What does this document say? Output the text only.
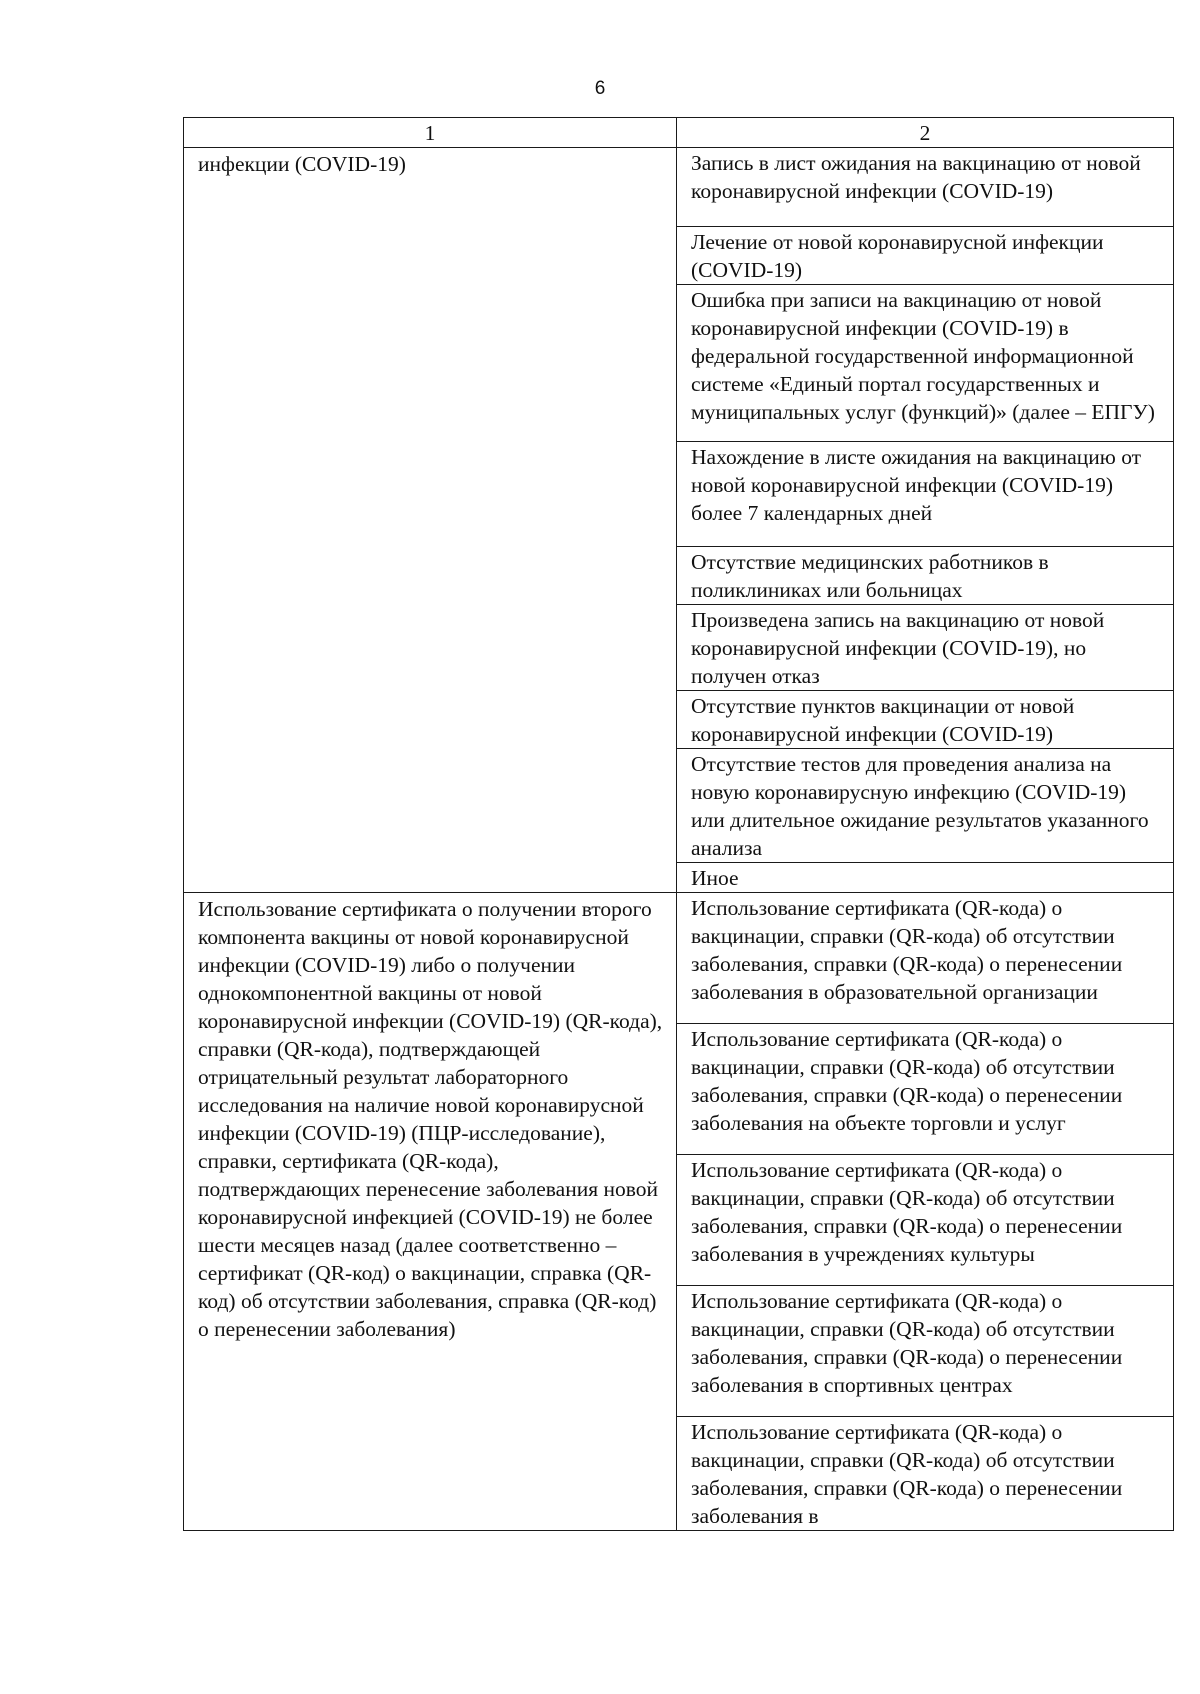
6
1	2

инфекции (COVID-19)	Запись в лист ожидания на вакцинацию от новой коронавирусной инфекции (COVID-19)

	Лечение от новой коронавирусной инфекции (COVID-19)

	Ошибка при записи на вакцинацию от новой коронавирусной инфекции (COVID-19) в федеральной государственной информационной системе «Единый портал государственных и муниципальных услуг (функций)» (далее – ЕПГУ)

	Нахождение в листе ожидания на вакцинацию от новой коронавирусной инфекции (COVID-19) более 7 календарных дней

	Отсутствие медицинских работников в поликлиниках или больницах

	Произведена запись на вакцинацию от новой коронавирусной инфекции (COVID-19), но получен отказ

	Отсутствие пунктов вакцинации от новой коронавирусной инфекции (COVID-19)

	Отсутствие тестов для проведения анализа на новую коронавирусную инфекцию (COVID-19) или длительное ожидание результатов указанного анализа

	Иное

Использование сертификата о получении второго компонента вакцины от новой коронавирусной инфекции (COVID-19) либо о получении однокомпонентной вакцины от новой коронавирусной инфекции (COVID-19) (QR-кода), справки (QR-кода), подтверждающей отрицательный результат лабораторного исследования на наличие новой коронавирусной инфекции (COVID-19) (ПЦР-исследование), справки, сертификата (QR-кода), подтверждающих перенесение заболевания новой коронавирусной инфекцией (COVID-19) не более шести месяцев назад (далее соответственно – сертификат (QR-код) о вакцинации, справка (QR-код) об отсутствии заболевания, справка (QR-код) о перенесении заболевания)	Использование сертификата (QR-кода) о вакцинации, справки (QR-кода) об отсутствии заболевания, справки (QR-кода) о перенесении заболевания в образовательной организации

	Использование сертификата (QR-кода) о вакцинации, справки (QR-кода) об отсутствии заболевания, справки (QR-кода) о перенесении заболевания на объекте торговли и услуг

	Использование сертификата (QR-кода) о вакцинации, справки (QR-кода) об отсутствии заболевания, справки (QR-кода) о перенесении заболевания в учреждениях культуры

	Использование сертификата (QR-кода) о вакцинации, справки (QR-кода) об отсутствии заболевания, справки (QR-кода) о перенесении заболевания в спортивных центрах

	Использование сертификата (QR-кода) о вакцинации, справки (QR-кода) об отсутствии заболевания, справки (QR-кода) о перенесении заболевания в
